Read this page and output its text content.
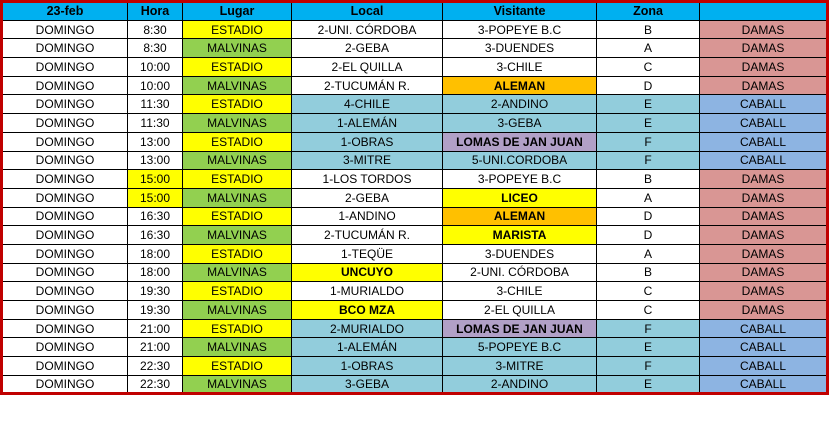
23-feb	Hora	Lugar	Local	Visitante	Zona	
DOMINGO	8:30	ESTADIO	2-UNI. CÓRDOBA	3-POPEYE B.C	B	DAMAS
DOMINGO	8:30	MALVINAS	2-GEBA	3-DUENDES	A	DAMAS
DOMINGO	10:00	ESTADIO	2-EL QUILLA	3-CHILE	C	DAMAS
DOMINGO	10:00	MALVINAS	2-TUCUMÁN R.	ALEMAN	D	DAMAS
DOMINGO	11:30	ESTADIO	4-CHILE	2-ANDINO	E	CABALL
DOMINGO	11:30	MALVINAS	1-ALEMÁN	3-GEBA	E	CABALL
DOMINGO	13:00	ESTADIO	1-OBRAS	LOMAS DE JAN JUAN	F	CABALL
DOMINGO	13:00	MALVINAS	3-MITRE	5-UNI.CORDOBA	F	CABALL
DOMINGO	15:00	ESTADIO	1-LOS TORDOS	3-POPEYE B.C	B	DAMAS
DOMINGO	15:00	MALVINAS	2-GEBA	LICEO	A	DAMAS
DOMINGO	16:30	ESTADIO	1-ANDINO	ALEMAN	D	DAMAS
DOMINGO	16:30	MALVINAS	2-TUCUMÁN R.	MARISTA	D	DAMAS
DOMINGO	18:00	ESTADIO	1-TEQÜE	3-DUENDES	A	DAMAS
DOMINGO	18:00	MALVINAS	UNCUYO	2-UNI. CÓRDOBA	B	DAMAS
DOMINGO	19:30	ESTADIO	1-MURIALDO	3-CHILE	C	DAMAS
DOMINGO	19:30	MALVINAS	BCO MZA	2-EL QUILLA	C	DAMAS
DOMINGO	21:00	ESTADIO	2-MURIALDO	LOMAS DE JAN JUAN	F	CABALL
DOMINGO	21:00	MALVINAS	1-ALEMÁN	5-POPEYE B.C	E	CABALL
DOMINGO	22:30	ESTADIO	1-OBRAS	3-MITRE	F	CABALL
DOMINGO	22:30	MALVINAS	3-GEBA	2-ANDINO	E	CABALL
